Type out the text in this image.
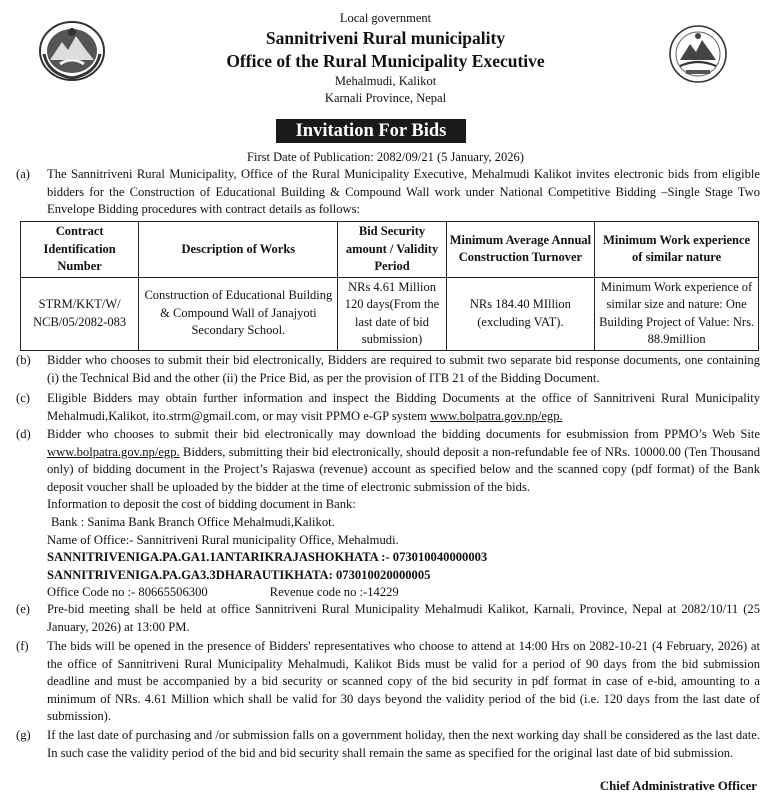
Local government
Sannitriveni Rural municipality
Office of the Rural Municipality Executive
Mehalmudi, Kalikot
Karnali Province, Nepal
Invitation For Bids
First Date of Publication: 2082/09/21 (5 January, 2026)
(a) The Sannitriveni Rural Municipality, Office of the Rural Municipality Executive, Mehalmudi Kalikot invites electronic bids from eligible bidders for the Construction of Educational Building & Compound Wall work under National Competitive Bidding –Single Stage Two Envelope Bidding procedures with contract details as follows:
Contract Identification Number	Description of Works	Bid Security amount / Validity Period	Minimum Average Annual Construction Turnover	Minimum Work experience of similar nature
STRM/KKT/W/ NCB/05/2082-083	Construction of Educational Building & Compound Wall of Janajyoti Secondary School.	NRs 4.61 Million 120 days(From the last date of bid submission)	NRs 184.40 MIllion (excluding VAT).	Minimum Work experience of similar size and nature: One Building Project of Value: Nrs. 88.9million
(b) Bidder who chooses to submit their bid electronically, Bidders are required to submit two separate bid response documents, one containing (i) the Technical Bid and the other (ii) the Price Bid, as per the provision of ITB 21 of the Bidding Document.
(c) Eligible Bidders may obtain further information and inspect the Bidding Documents at the office of Sannitriveni Rural Municipality Mehalmudi,Kalikot, ito.strm@gmail.com, or may visit PPMO e-GP system www.bolpatra.gov.np/egp.
(d) Bidder who chooses to submit their bid electronically may download the bidding documents for esubmission from PPMO’s Web Site www.bolpatra.gov.np/egp. Bidders, submitting their bid electronically, should deposit a non-refundable fee of NRs. 10000.00 (Ten Thousand only) of bidding document in the Project’s Rajaswa (revenue) account as specified below and the scanned copy (pdf format) of the Bank deposit voucher shall be uploaded by the bidder at the time of electronic submission of the bids.
Information to deposit the cost of bidding document in Bank:
Bank : Sanima Bank Branch Office Mehalmudi,Kalikot.
Name of Office:- Sannitriveni Rural municipality Office, Mehalmudi.
SANNITRIVENIGA.PA.GA1.1ANTARIKRAJASHOKHATA :- 073010040000003
SANNITRIVENIGA.PA.GA3.3DHARAUTIKHATA: 073010020000005
Office Code no :- 80665506300	Revenue code no :-14229
(e) Pre-bid meeting shall be held at office Sannitriveni Rural Municipality Mehalmudi Kalikot, Karnali, Province, Nepal at 2082/10/11 (25 January, 2026) at 13:00 PM.
(f) The bids will be opened in the presence of Bidders' representatives who choose to attend at 14:00 Hrs on 2082-10-21 (4 February, 2026) at the office of Sannitriveni Rural Municipality Mehalmudi, Kalikot Bids must be valid for a period of 90 days from the bid submission deadline and must be accompanied by a bid security or scanned copy of the bid security in pdf format in case of e-bid, amounting to a minimum of NRs. 4.61 Million which shall be valid for 30 days beyond the validity period of the bid (i.e. 120 days from the last date of submission).
(g) If the last date of purchasing and /or submission falls on a government holiday, then the next working day shall be considered as the last date. In such case the validity period of the bid and bid security shall remain the same as specified for the original last date of bid submission.
Chief Administrative Officer
